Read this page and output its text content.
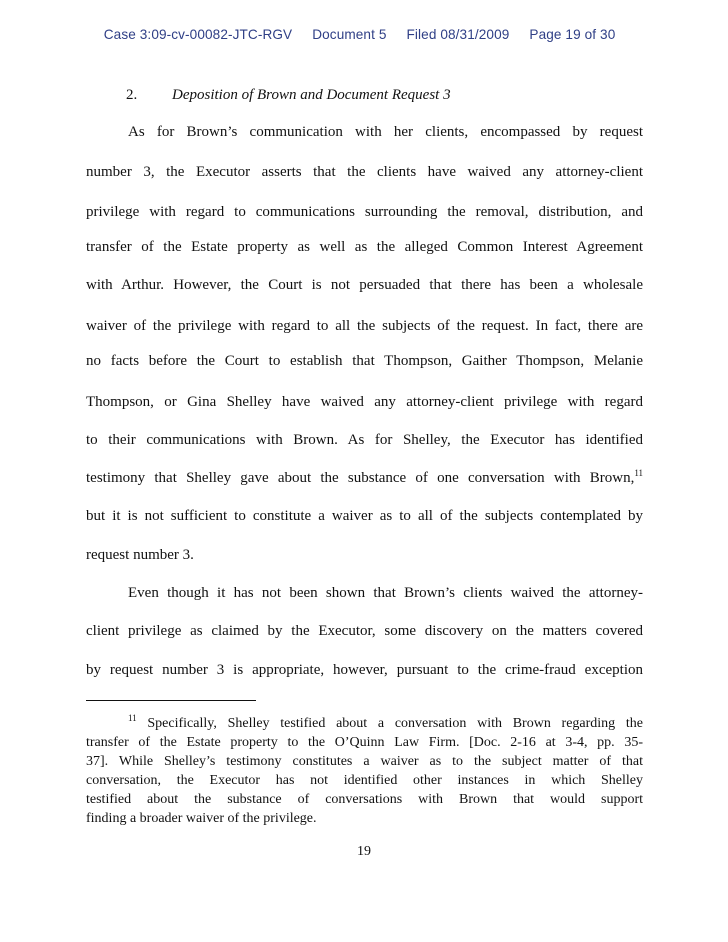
Case 3:09-cv-00082-JTC-RGV Document 5 Filed 08/31/2009 Page 19 of 30

2. Deposition of Brown and Document Request 3
As for Brown’s communication with her clients, encompassed by request
number 3, the Executor asserts that the clients have waived any attorney-client
privilege with regard to communications surrounding the removal, distribution, and
transfer of the Estate property as well as the alleged Common Interest Agreement
with Arthur. However, the Court is not persuaded that there has been a wholesale
waiver of the privilege with regard to all the subjects of the request. In fact, there are
no facts before the Court to establish that Thompson, Gaither Thompson, Melanie
Thompson, or Gina Shelley have waived any attorney-client privilege with regard
to their communications with Brown. As for Shelley, the Executor has identified
testimony that Shelley gave about the substance of one conversation with Brown,$^{11}$
but it is not sufficient to constitute a waiver as to all of the subjects contemplated by
request number 3.
Even though it has not been shown that Brown’s clients waived the attorney-
client privilege as claimed by the Executor, some discovery on the matters covered
by request number 3 is appropriate, however, pursuant to the crime-fraud exception
$^{11}$ Specifically, Shelley testified about a conversation with Brown regarding the
transfer of the Estate property to the O’Quinn Law Firm. [Doc. 2-16 at 3-4, pp. 35-
37]. While Shelley’s testimony constitutes a waiver as to the subject matter of that
conversation, the Executor has not identified other instances in which Shelley
testified about the substance of conversations with Brown that would support
finding a broader waiver of the privilege.
19
